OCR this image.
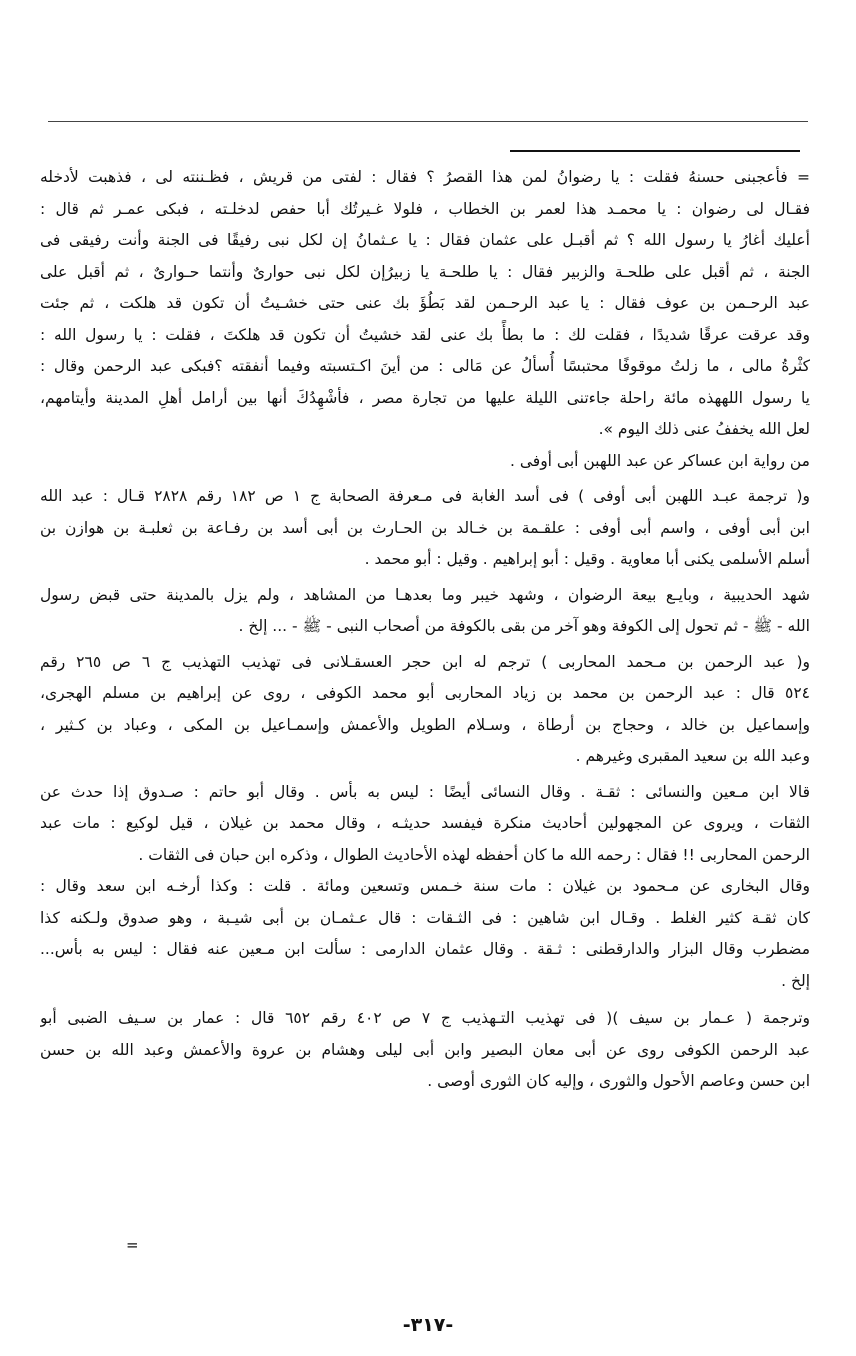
= فأعجبنى حسنهُ فقلت : يا رضوانُ لمن هذا القصرُ ؟ فقال : لفتى من قريش ، فظـننته لى ، فذهبت لأدخله
فقـال لى رضوان : يا محمـد هذا لعمر بن الخطاب ، فلولا غـيرتُك أبا حفص لدخلـته ، فبكى عمـر ثم قال :
أعليك أغارُ يا رسول الله ؟ ثم أقبـل على عثمان فقال : يا عـثمانُ إن لكل نبى رفيقًا فى الجنة وأنت رفيقى فى
الجنة ، ثم أقبل على طلحـة والزبير فقال : يا طلحـة يا زبيرُإن لكل نبى حوارىٌ وأنتما حـوارىٌ ، ثم أقبل على
عبد الرحـمن بن عوف فقال : يا عبد الرحـمن لقد بَطُؤَ بك عنى حتى خشـيتُ أن تكون قد هلكت ، ثم جئت
وقد عرقت عرقًا شديدًا ، فقلت لك : ما بطأً بك عنى لقد خشيتُ أن تكون قد هلكتَ ، فقلت : يا رسول الله :
كثْرةُ مالى ، ما زلتُ موقوفًا محتبسًا أُسألُ عن مَالى : من أينَ اكـتسبته وفيما أنفقته ؟فبكى عبد الرحمن وقال :
يا رسول اللههذه مائة راحلة جاءتنى الليلة عليها من تجارة مصر ، فأشْهِدُكَ أنها بين أرامل أهلِ المدينة وأيتامهم،
لعل الله يخففُ عنى ذلك اليوم ».
من رواية ابن عساكر عن عبد اللهبن أبى أوفى .
و( ترجمة عبـد اللهبن أبى أوفى ) فى أسد الغابة فى مـعرفة الصحابة ج ١ ص ١٨٢ رقم ٢٨٢٨ قـال : عبد الله
ابن أبى أوفى ، واسم أبى أوفى : علقـمة بن خـالد بن الحـارث بن أبى أسد بن رفـاعة بن ثعلبـة بن هوازن بن
أسلم الأسلمى يكنى أبا معاوية . وقيل : أبو إبراهيم . وقيل : أبو محمد .
شهد الحديبية ، وبايـع بيعة الرضوان ، وشهد خيبر وما بعدهـا من المشاهد ، ولم يزل بالمدينة حتى قبض رسول
الله - ﷺ - ثم تحول إلى الكوفة وهو آخر من بقى بالكوفة من أصحاب النبى - ﷺ - ... إلخ .
و( عبد الرحمن بن مـحمد المحاربى ) ترجم له ابن حجر العسقـلانى فى تهذيب التهذيب ج ٦ ص ٢٦٥ رقم
٥٢٤ قال : عبد الرحمن بن محمد بن زياد المحاربى أبو محمد الكوفى ، روى عن إبراهيم بن مسلم الهجرى،
وإسماعيل بن خالد ، وحجاج بن أرطاة ، وسـلام الطويل والأعمش وإسمـاعيل بن المكى ، وعباد بن كـثير ،
وعبد الله بن سعيد المقبرى وغيرهم .
قالا ابن مـعين والنسائى : ثقـة . وقال النسائى أيضًا : ليس به بأس . وقال أبو حاتم : صـدوق إذا حدث عن
الثقات ، ويروى عن المجهولين أحاديث منكرة فيفسد حديثـه ، وقال محمد بن غيلان ، قيل لوكيع : مات عبد
الرحمن المحاربى !! فقال : رحمه الله ما كان أحفظه لهذه الأحاديث الطوال ، وذكره ابن حبان فى الثقات .
وقال البخارى عن مـحمود بن غيلان : مات سنة خـمس وتسعين ومائة . قلت : وكذا أرخـه ابن سعد وقال :
كان ثقـة كثير الغلط . وقـال ابن شاهين : فى الثـقات : قال عـثمـان بن أبى شيـبة ، وهو صدوق ولـكنه كذا
مضطرب وقال البزار والدارقطنى : ثـقة . وقال عثمان الدارمى : سألت ابن مـعين عنه فقال : ليس به بأس...
إلخ .
وترجمة ( عـمار بن سيف )( فى تهذيب التـهذيب ج ٧ ص ٤٠٢ رقم ٦٥٢ قال : عمار بن سـيف الضبى أبو
عبد الرحمن الكوفى روى عن أبى معان البصير وابن أبى ليلى وهشام بن عروة والأعمش وعبد الله بن حسن
ابن حسن وعاصم الأحول والثورى ، وإليه كان الثورى أوصى .
=
-٣١٧-
